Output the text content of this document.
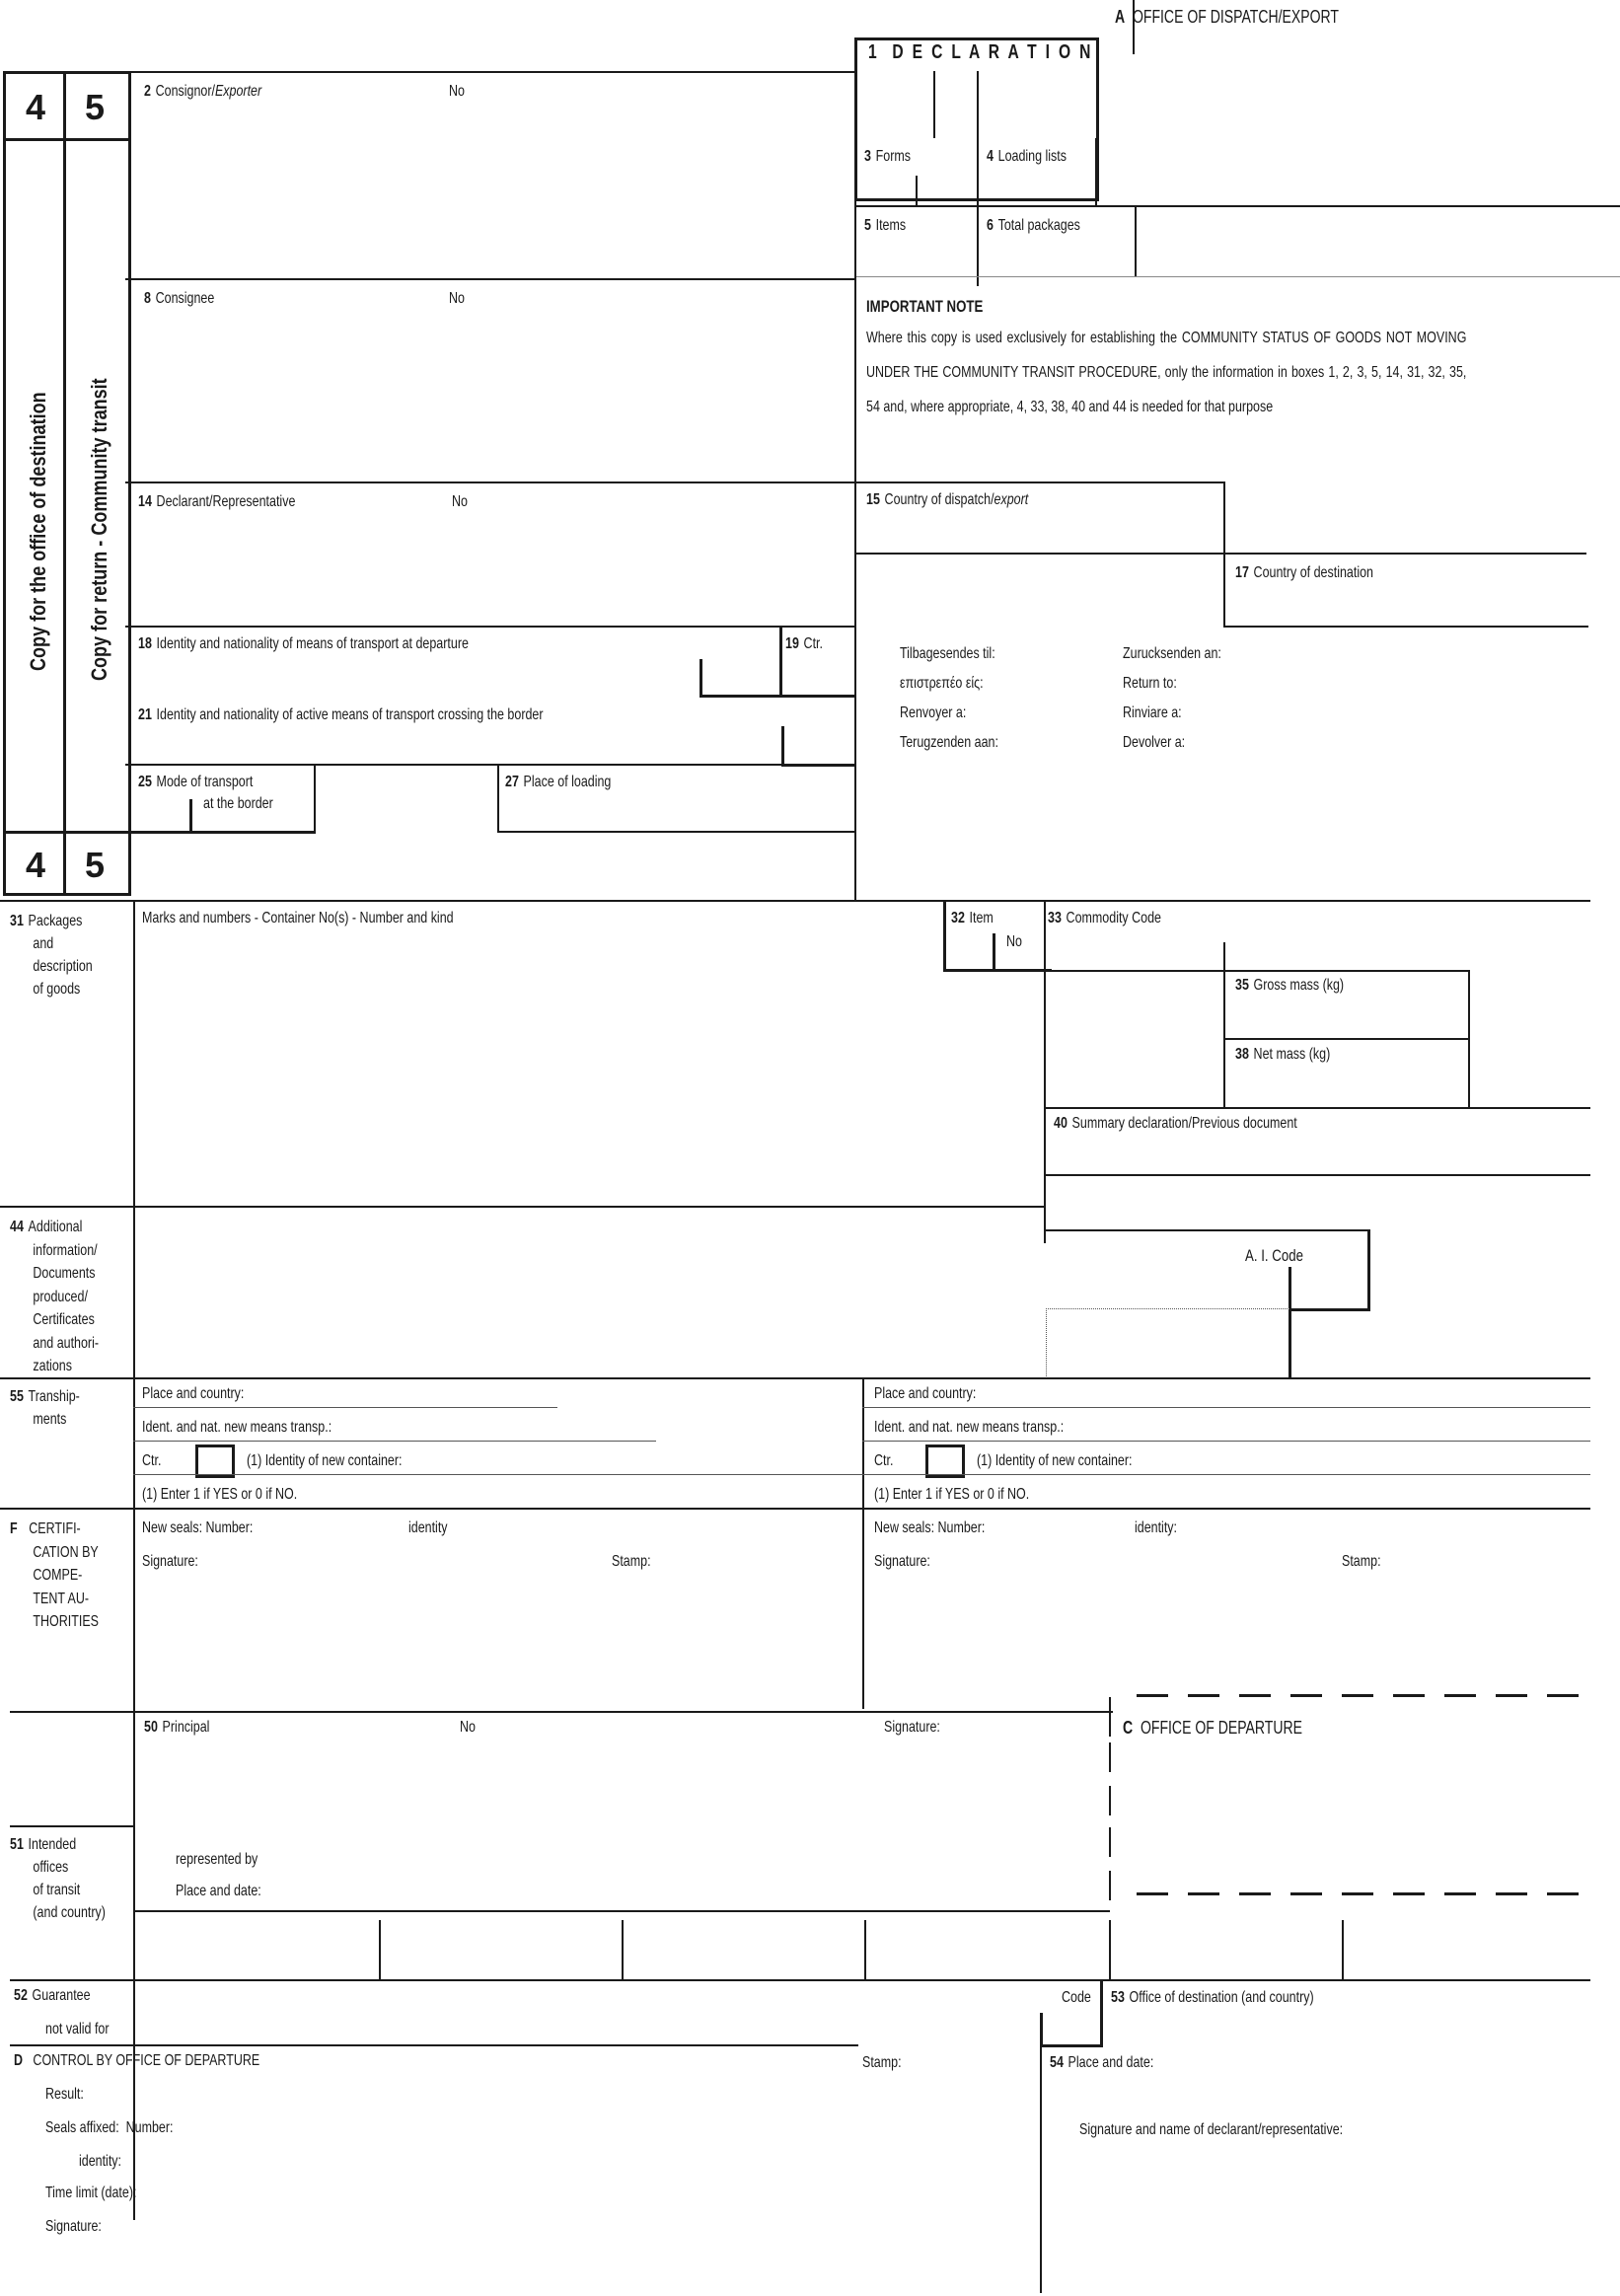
A OFFICE OF DISPATCH/EXPORT
1 D E C L A R A T I O N
3 Forms	4 Loading lists
5 Items	6 Total packages
4	5
4	5
Copy for the office of destination Copy for return - Community transit
2 Consignor/Exporter	No
8 Consignee	No	IMPORTANT NOTE
Where this copy is used exclusively for establishing the COMMUNITY STATUS OF GOODS NOT MOVING UNDER THE COMMUNITY TRANSIT PROCEDURE, only the information in boxes 1, 2, 3, 5, 14, 31, 32, 35, 54 and, where appropriate, 4, 33, 38, 40 and 44 is needed for that purpose
14 Declarant/Representative	No	15 Country of dispatch/export
17 Country of destination
Tilbagesendes til:
επιστρεπέο είς:
Renvoyer a:
Terugzenden aan:
Zurucksenden an:
Return to:
Rinviare a:
Devolver a:
18 Identity and nationality of means of transport at departure	19 Ctr.
21 Identity and nationality of active means of transport crossing the border
25 Mode of transport
at the border
27 Place of loading
31 Packages
and
description
of goods
Marks and numbers - Container No(s) - Number and kind	32 Item
No
33 Commodity Code
35 Gross mass (kg)
38 Net mass (kg)
40 Summary declaration/Previous document
44 Additional
information/
Documents
produced/
Certificates
and authori-
zations
A. I. Code
55 Tranship-
ments
Place and country:
Ident. and nat. new means transp.:
Ctr.	(1) Identity of new container:
(1) Enter 1 if YES or 0 if NO.
Place and country:
Ident. and nat. new means transp.:
Ctr.	(1) Identity of new container:
(1) Enter 1 if YES or 0 if NO.
F CERTIFI-
CATION BY
COMPE-
TENT AU-
THORITIES
New seals: Number:	identity
Signature:	Stamp:
New seals: Number:	identity:
Signature:	Stamp:
50 Principal	No	Signature:
represented by
Place and date:
C OFFICE OF DEPARTURE
51 Intended
offices
of transit
(and country)
52 Guarantee
not valid for
Code 53 Office of destination (and country)
D CONTROL BY OFFICE OF DEPARTURE	Stamp:
Result:
Seals affixed: Number:
identity:
Time limit (date):
Signature:
54 Place and date:
Signature and name of declarant/representative:
